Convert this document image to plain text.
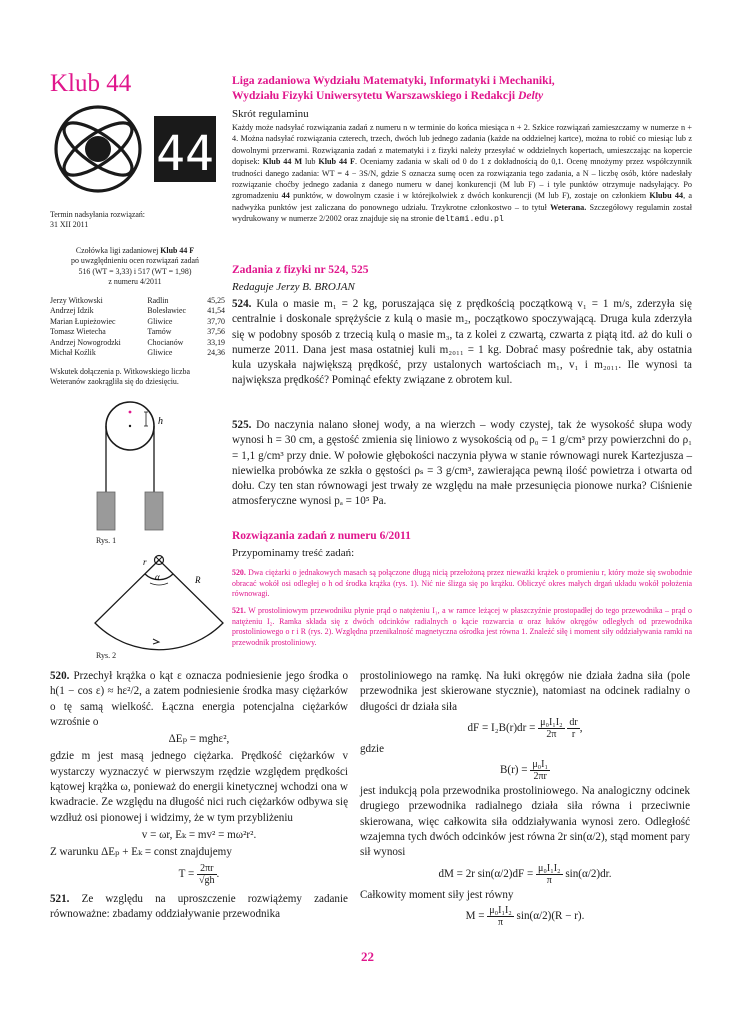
Klub 44
44
Liga zadaniowa Wydziału Matematyki, Informatyki i Mechaniki,
Wydziału Fizyki Uniwersytetu Warszawskiego i Redakcji Delty
Skrót regulaminu

Każdy może nadsyłać rozwiązania zadań z numeru n w terminie do końca miesiąca n + 2. Szkice rozwiązań zamieszczamy w numerze n + 4. Można nadsyłać rozwiązania czterech, trzech, dwóch lub jednego zadania (każde na oddzielnej kartce), można to robić co miesiąc lub z dowolnymi przerwami. Rozwiązania zadań z matematyki i z fizyki należy przesyłać w oddzielnych kopertach, umieszczając na kopercie dopisek: Klub 44 M lub Klub 44 F. Oceniamy zadania w skali od 0 do 1 z dokładnością do 0,1. Ocenę mnożymy przez współczynnik trudności danego zadania: WT = 4 − 3S/N, gdzie S oznacza sumę ocen za rozwiązania tego zadania, a N – liczbę osób, które nadesłały rozwiązanie choćby jednego zadania z danego numeru w danej konkurencji (M lub F) – i tyle punktów otrzymuje nadsyłający. Po zgromadzeniu 44 punktów, w dowolnym czasie i w którejkolwiek z dwóch konkurencji (M lub F), zostaje on członkiem Klubu 44, a nadwyżka punktów jest zaliczana do ponownego udziału. Trzykrotne członkostwo – to tytuł Weterana. Szczegółowy regulamin został wydrukowany w numerze 2/2002 oraz znajduje się na stronie deltami.edu.pl

Termin nadsyłania rozwiązań:
31 XII 2011
Czołówka ligi zadaniowej Klub 44 F
po uwzględnieniu ocen rozwiązań zadań
516 (WT = 3,33) i 517 (WT = 1,98)
z numeru 4/2011
Jerzy Witkowski	Radlin	45,25
Andrzej Idzik	Bolesławiec	41,54
Marian Łupieżowiec	Gliwice	37,70
Tomasz Wietecha	Tarnów	37,56
Andrzej Nowogrodzki	Chocianów	33,19
Michał Koźlik	Gliwice	24,36
Wskutek dołączenia p. Witkowskiego liczba Weteranów zaokrągliła się do dziesięciu.
h
Rys. 1
r
α	R
Rys. 2
Zadania z fizyki nr 524, 525
Redaguje Jerzy B. BROJAN

524. Kula o masie m₁ = 2 kg, poruszająca się z prędkością początkową v₁ = 1 m/s, zderzyła się centralnie i doskonale sprężyście z kulą o masie m₂, początkowo spoczywającą. Druga kula zderzyła się w podobny sposób z trzecią kulą o masie m₃, ta z kolei z czwartą, czwarta z piątą itd. aż do kuli o numerze 2011. Dana jest masa ostatniej kuli m₂₀₁₁ = 1 kg. Dobrać masy pośrednie tak, aby ostatnia kula uzyskała największą prędkość, przy ustalonych wartościach m₁, v₁ i m₂₀₁₁. Ile wynosi ta największa prędkość? Pominąć efekty związane z obrotem kul.

525. Do naczynia nalano słonej wody, a na wierzch – wody czystej, tak że wysokość słupa wody wynosi h = 30 cm, a gęstość zmienia się liniowo z wysokością od ρ₀ = 1 g/cm³ przy powierzchni do ρ₁ = 1,1 g/cm³ przy dnie. W połowie głębokości naczynia pływa w stanie równowagi nurek Kartezjusza – niewielka probówka ze szkła o gęstości ρₛ = 3 g/cm³, zawierająca pewną ilość powietrza i otwarta od dołu. Czy ten stan równowagi jest trwały ze względu na małe przesunięcia pionowe nurka? Ciśnienie atmosferyczne wynosi pₐ = 10⁵ Pa.

Rozwiązania zadań z numeru 6/2011
Przypominamy treść zadań:
520. Dwa ciężarki o jednakowych masach są połączone długą nicią przełożoną przez nieważki krążek o promieniu r, który może się swobodnie obracać wokół osi odległej o h od środka krążka (rys. 1). Nić nie ślizga się po krążku. Obliczyć okres małych drgań układu wokół położenia równowagi.
521. W prostoliniowym przewodniku płynie prąd o natężeniu I₁, a w ramce leżącej w płaszczyźnie prostopadłej do tego przewodnika – prąd o natężeniu I₂. Ramka składa się z dwóch odcinków radialnych o kącie rozwarcia α oraz łuków okręgów odległych od przewodnika prostoliniowego o r i R (rys. 2). Względna przenikalność magnetyczna ośrodka jest równa 1. Znaleźć siłę i moment siły oddziaływania ramki na przewodnik prostoliniowy.

520. Przechył krążka o kąt ε oznacza podniesienie jego środka o h(1 − cos ε) ≈ hε²/2, a zatem podniesienie środka masy ciężarków o tę samą wielkość. Łączna energia potencjalna ciężarków wzrośnie o

ΔEₚ = mghε²,

gdzie m jest masą jednego ciężarka. Prędkość ciężarków v wystarczy wyznaczyć w pierwszym rzędzie względem prędkości kątowej krążka ω, ponieważ do energii kinetycznej wchodzi ona w kwadracie. Ze względu na długość nici ruch ciężarków odbywa się wzdłuż osi pionowej i widzimy, że w tym przybliżeniu

v = ωr, Eₖ = mv² = mω²r².

Z warunku ΔEₚ + Eₖ = const znajdujemy

$T = \frac{2\pi r}{√gh}$ .

521. Ze względu na uproszczenie rozwiążemy zadanie równoważne: zbadamy oddziaływanie przewodnika

prostoliniowego na ramkę. Na łuki okręgów nie działa żadna siła (pole przewodnika jest skierowane stycznie), natomiast na odcinek radialny o długości dr działa siła

dF = $I_2B(r)dr = \frac{\text{μ₀I₁I₂}}{2\pi}$
$\frac{dr}{r}$ ,

gdzie

$B(r) = \frac{\text{μ₀I₁}}{2\pi r}$

jest indukcją pola przewodnika prostoliniowego. Na analogiczny odcinek drugiego przewodnika radialnego działa siła równa i przeciwnie skierowana, więc całkowita siła oddziaływania wynosi zero. Odległość wzajemna tych dwóch odcinków jest równa 2r sin(α/2), stąd moment pary sił wynosi

dM = 2r $\sin(\alpha/2)dF = \frac{\text{μ₀I₁I₂}}{\pi} \sin(\alpha/2)dr$.

Całkowity moment siły jest równy

$M = \frac{\text{μ₀I₁I₂}}{\pi} \sin(\alpha/2)(R - r)$.
22
